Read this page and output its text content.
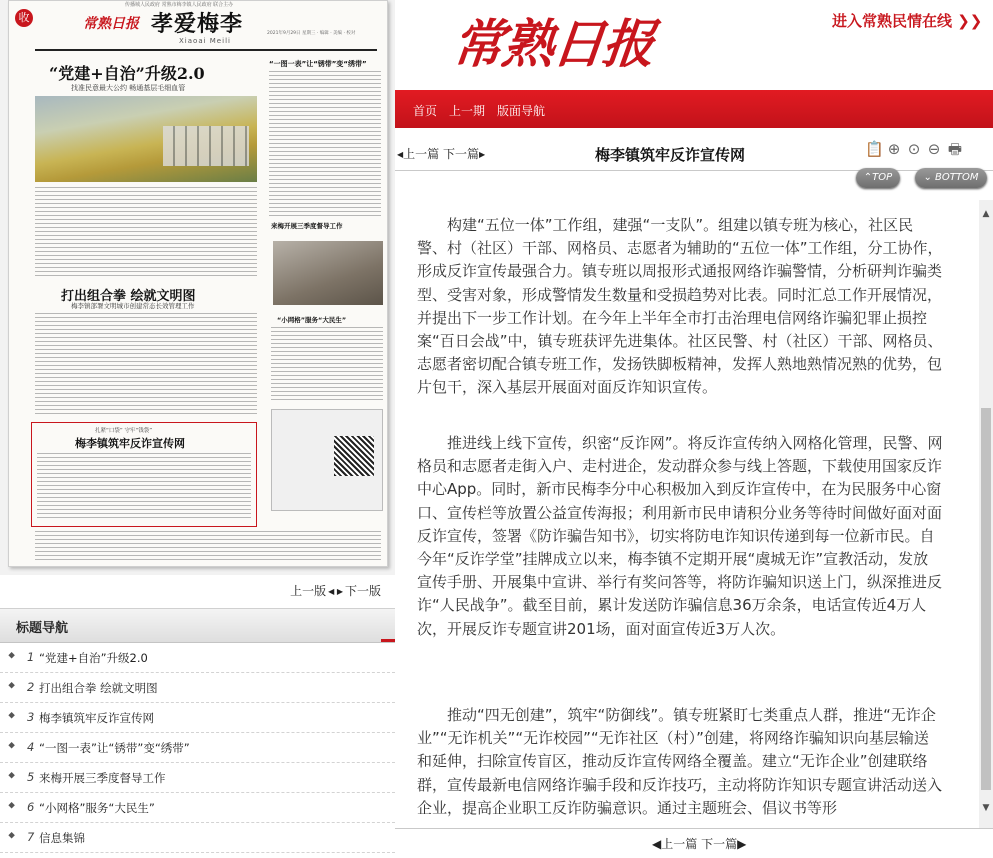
收
传播城人民政府 常熟市梅李镇人民政府 联合主办
常熟日报 孝爱梅李
Xiaoai Meili
2021年9月29日 星期三 · 编辑 · 美编 · 校对
“党建+自治”升级2.0
找准民意最大公约 畅通基层毛细血管
“一图一表”让“锈带”变“绣带”
来梅开展三季度督导工作
“小网格”服务“大民生”
打出组合拳 绘就文明图
梅李镇部署文明城市创建常态长效管理工作
扎紧“口袋” 守牢“钱袋”
梅李镇筑牢反诈宣传网
上一版 ◀ ▶ 下一版
标题导航
⯁ 1 “党建+自治”升级2.0
⯁ 2 打出组合拳 绘就文明图
⯁ 3 梅李镇筑牢反诈宣传网
⯁ 4 “一图一表”让“锈带”变“绣带”
⯁ 5 来梅开展三季度督导工作
⯁ 6 “小网格”服务“大民生”
⯁ 7 信息集锦
常熟日报	进入常熟民情在线 ❯❯
首页 上一期 版面导航
◀上一篇 下一篇▶	梅李镇筑牢反诈宣传网	📋 ⊕ ⊙ ⊖ 🖶
⌃TOP	⌄ BOTTOM

构建“五位一体”工作组，建强“一支队”。组建以镇专班为核心，社区民警、村（社区）干部、网格员、志愿者为辅助的“五位一体”工作组，分工协作，形成反诈宣传最强合力。镇专班以周报形式通报网络诈骗警情，分析研判诈骗类型、受害对象，形成警情发生数量和受损趋势对比表。同时汇总工作开展情况，并提出下一步工作计划。在今年上半年全市打击治理电信网络诈骗犯罪止损控案“百日会战”中，镇专班获评先进集体。社区民警、村（社区）干部、网格员、志愿者密切配合镇专班工作，发扬铁脚板精神，发挥人熟地熟情况熟的优势，包片包干，深入基层开展面对面反诈知识宣传。

推进线上线下宣传，织密“反诈网”。将反诈宣传纳入网格化管理，民警、网格员和志愿者走街入户、走村进企，发动群众参与线上答题，下载使用国家反诈中心App。同时，新市民梅李分中心积极加入到反诈宣传中，在为民服务中心窗口、宣传栏等放置公益宣传海报；利用新市民申请积分业务等待时间做好面对面反诈宣传，签署《防诈骗告知书》，切实将防电诈知识传递到每一位新市民。自今年“反诈学堂”挂牌成立以来，梅李镇不定期开展“虞城无诈”宣教活动，发放宣传手册、开展集中宣讲、举行有奖问答等，将防诈骗知识送上门，纵深推进反诈“人民战争”。截至目前，累计发送防诈骗信息36万余条，电话宣传近4万人次，开展反诈专题宣讲201场，面对面宣传近3万人次。

推动“四无创建”，筑牢“防御线”。镇专班紧盯七类重点人群，推进“无诈企业”“无诈机关”“无诈校园”“无诈社区（村）”创建，将网络诈骗知识向基层输送和延伸，扫除宣传盲区，推动反诈宣传网络全覆盖。建立“无诈企业”创建联络群，宣传最新电信网络诈骗手段和反诈技巧，主动将防诈知识专题宣讲活动送入企业，提高企业职工反诈防骗意识。通过主题班会、倡议书等形

▲
▼
◀上一篇 下一篇▶
